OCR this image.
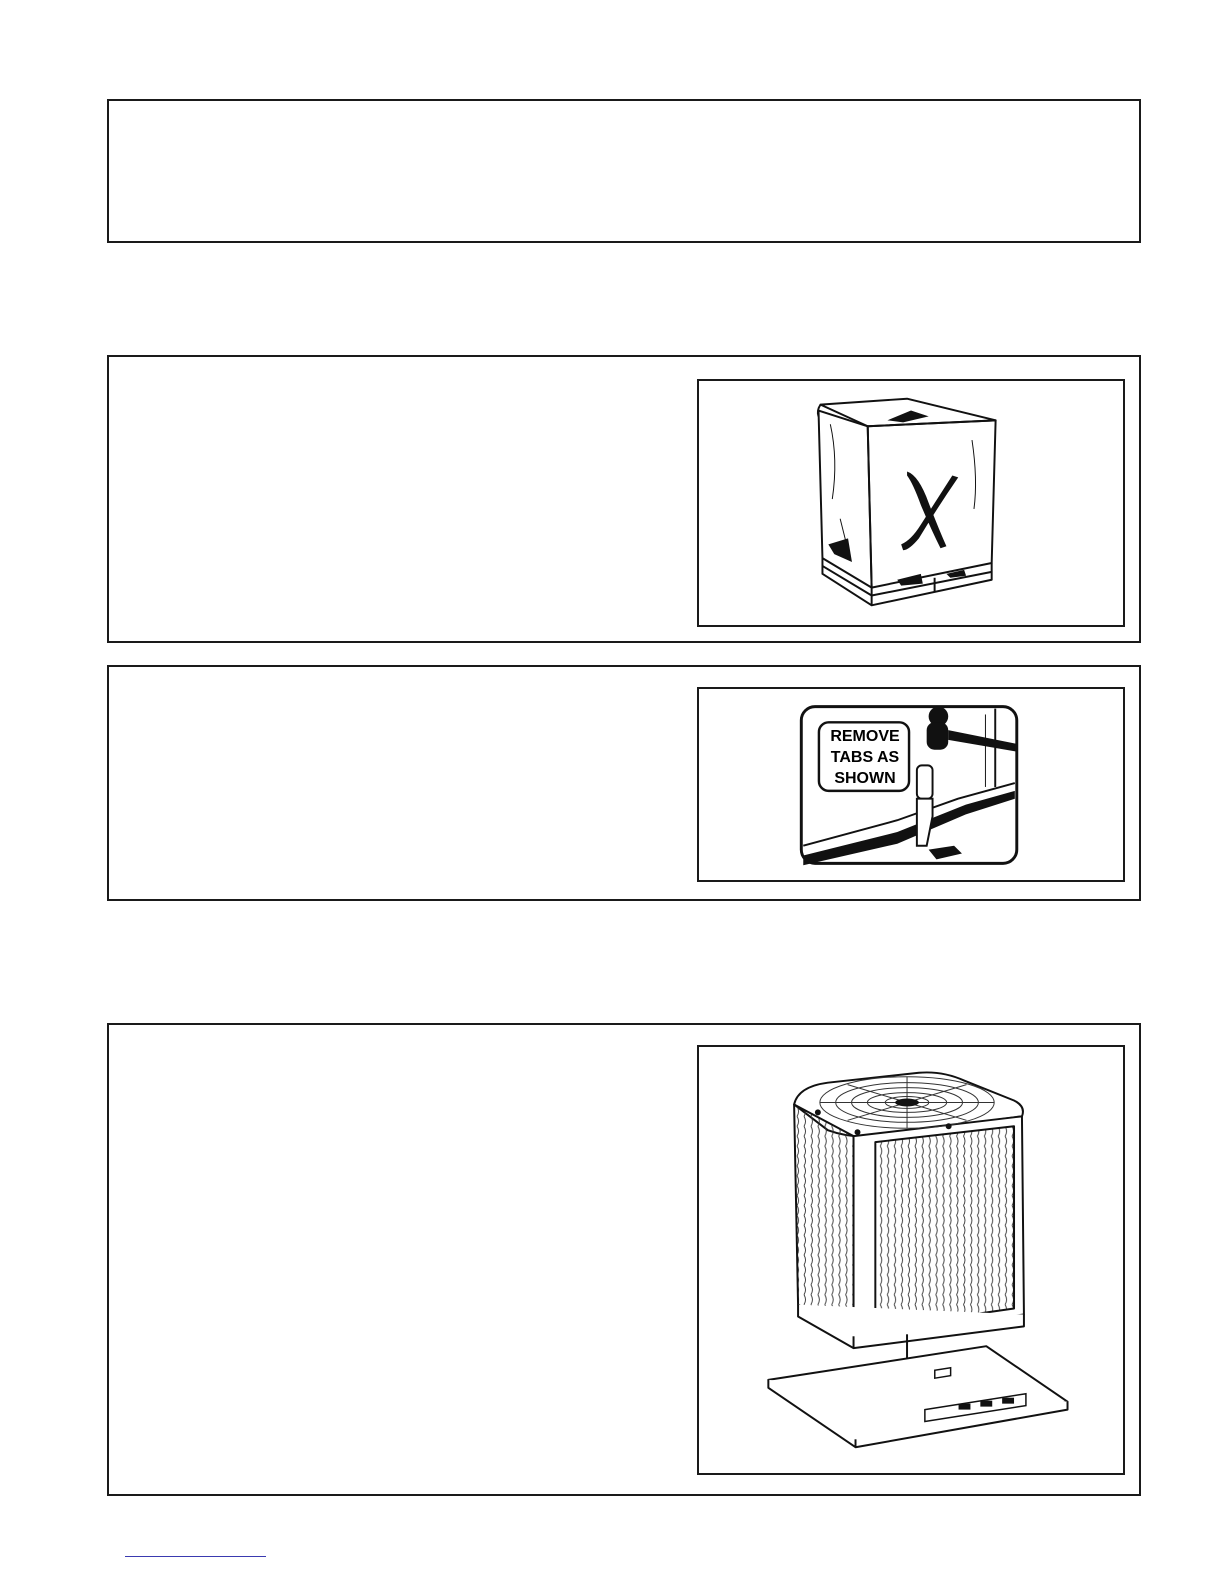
REMOVE
TABS AS
SHOWN
